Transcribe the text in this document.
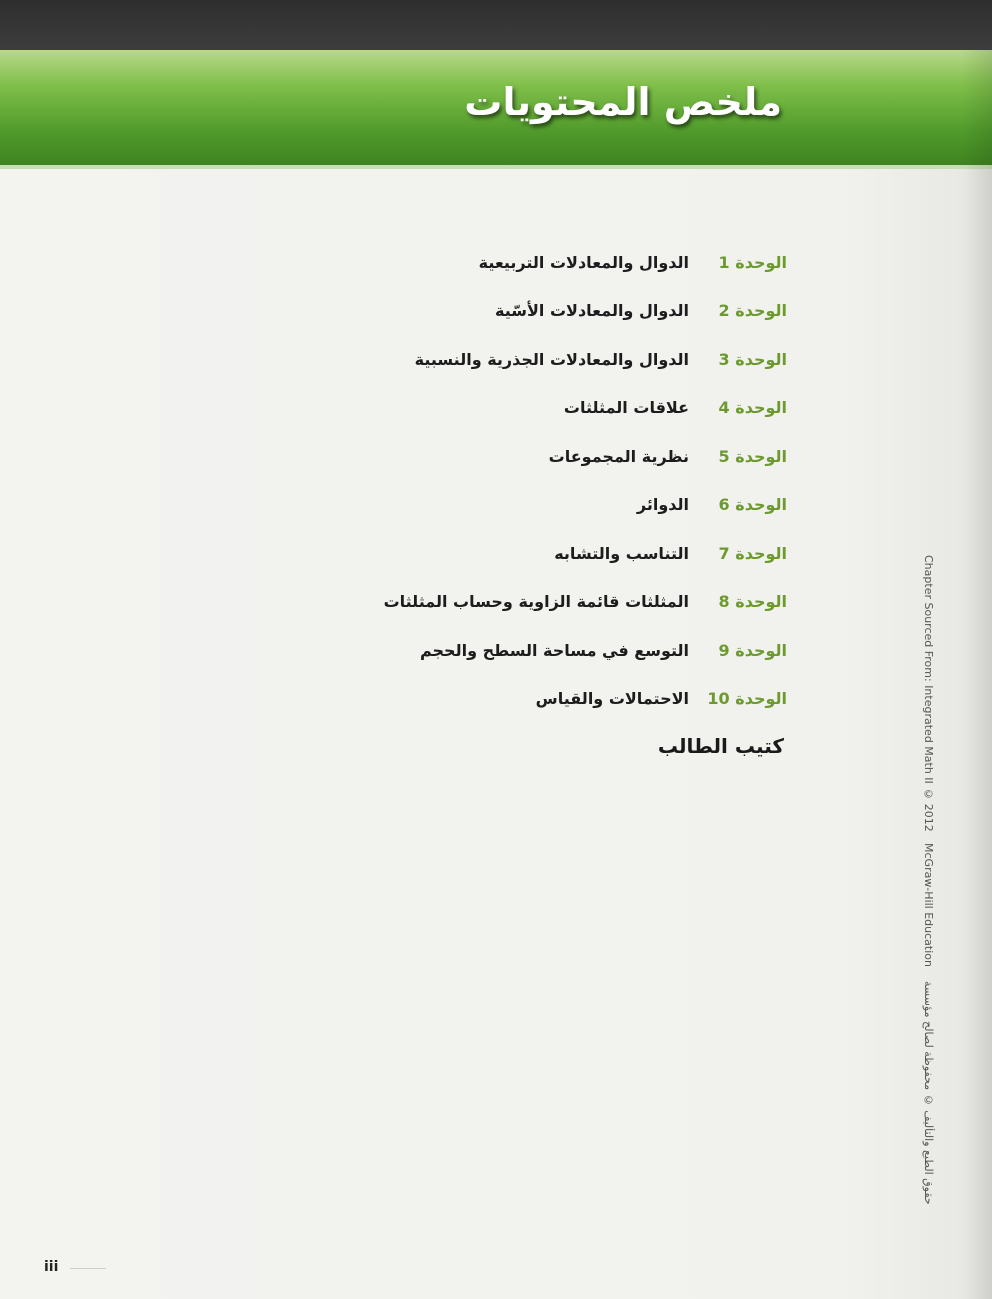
ملخص المحتويات
الوحدة 1
الدوال والمعادلات التربيعية
الوحدة 2
الدوال والمعادلات الأسّية
الوحدة 3
الدوال والمعادلات الجذرية والنسبية
الوحدة 4
علاقات المثلثات
الوحدة 5
نظرية المجموعات
الوحدة 6
الدوائر
الوحدة 7
التناسب والتشابه
الوحدة 8
المثلثات قائمة الزاوية وحساب المثلثات
الوحدة 9
التوسع في مساحة السطح والحجم
الوحدة 10
الاحتمالات والقياس

كتيب الطالب	Chapter Sourced From: Integrated Math II © 2012 McGraw-Hill Education حقوق الطبع والتأليف © محفوظة لصالح مؤسسة

iii
